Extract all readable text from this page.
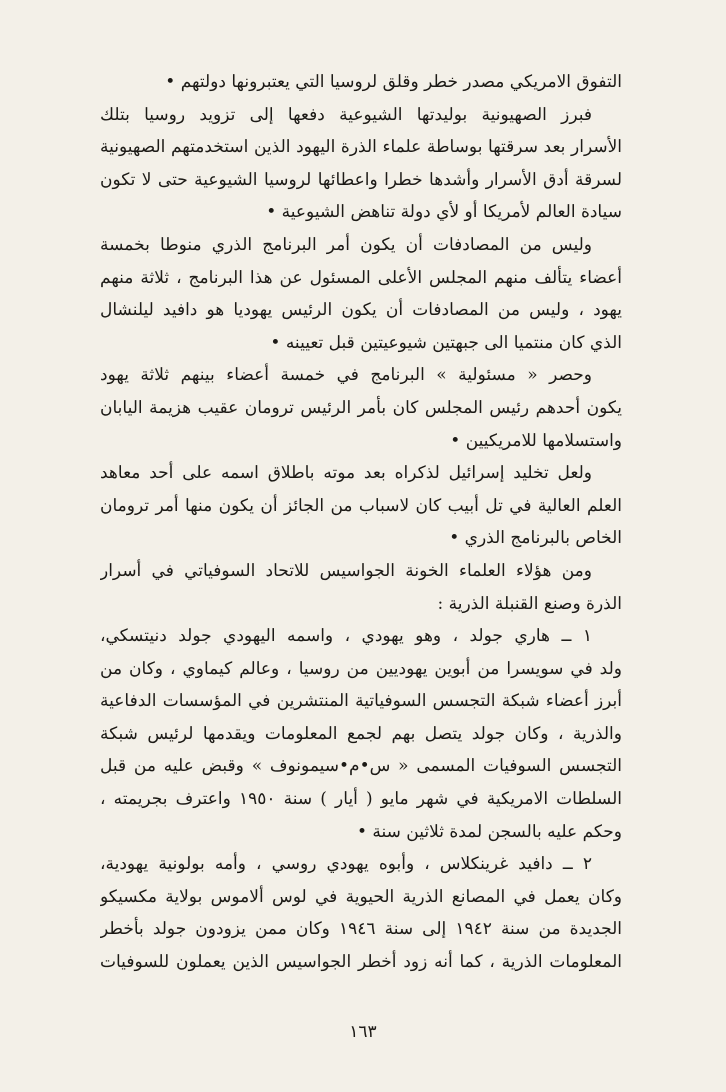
التفوق الامريكي مصدر خطر وقلق لروسيا التي يعتبرونها دولتهم •
فبرز الصهيونية بوليدتها الشيوعية دفعها إلى تزويد روسيا بتلك
الأسرار بعد سرقتها بوساطة علماء الذرة اليهود الذين استخدمتهم الصهيونية
لسرقة أدق الأسرار وأشدها خطرا واعطائها لروسيا الشيوعية حتى لا تكون
سيادة العالم لأمريكا أو لأي دولة تناهض الشيوعية •
وليس من المصادفات أن يكون أمر البرنامج الذري منوطا بخمسة
أعضاء يتألف منهم المجلس الأعلى المسئول عن هذا البرنامج ، ثلاثة منهم
يهود ، وليس من المصادفات أن يكون الرئيس يهوديا هو دافيد ليلنشال
الذي كان منتميا الى جبهتين شيوعيتين قبل تعيينه •
وحصر « مسئولية » البرنامج في خمسة أعضاء بينهم ثلاثة يهود
يكون أحدهم رئيس المجلس كان بأمر الرئيس ترومان عقيب هزيمة اليابان
واستسلامها للامريكيين •
ولعل تخليد إسرائيل لذكراه بعد موته باطلاق اسمه على أحد معاهد
العلم العالية في تل أبيب كان لاسباب من الجائز أن يكون منها أمر ترومان
الخاص بالبرنامج الذري •
ومن هؤلاء العلماء الخونة الجواسيس للاتحاد السوفياتي في أسرار
الذرة وصنع القنبلة الذرية :
١ ــ هاري جولد ، وهو يهودي ، واسمه اليهودي جولد دنيتسكي،
ولد في سويسرا من أبوين يهوديين من روسيا ، وعالم كيماوي ، وكان من
أبرز أعضاء شبكة التجسس السوفياتية المنتشرين في المؤسسات الدفاعية
والذرية ، وكان جولد يتصل بهم لجمع المعلومات ويقدمها لرئيس شبكة
التجسس السوفيات المسمى « س•م•سيمونوف » وقبض عليه من قبل
السلطات الامريكية في شهر مايو ( أيار ) سنة ١٩٥٠ واعترف بجريمته ،
وحكم عليه بالسجن لمدة ثلاثين سنة •
٢ ــ دافيد غرينكلاس ، وأبوه يهودي روسي ، وأمه بولونية يهودية،
وكان يعمل في المصانع الذرية الحيوية في لوس ألاموس بولاية مكسيكو
الجديدة من سنة ١٩٤٢ إلى سنة ١٩٤٦ وكان ممن يزودون جولد بأخطر
المعلومات الذرية ، كما أنه زود أخطر الجواسيس الذين يعملون للسوفيات
١٦٣
